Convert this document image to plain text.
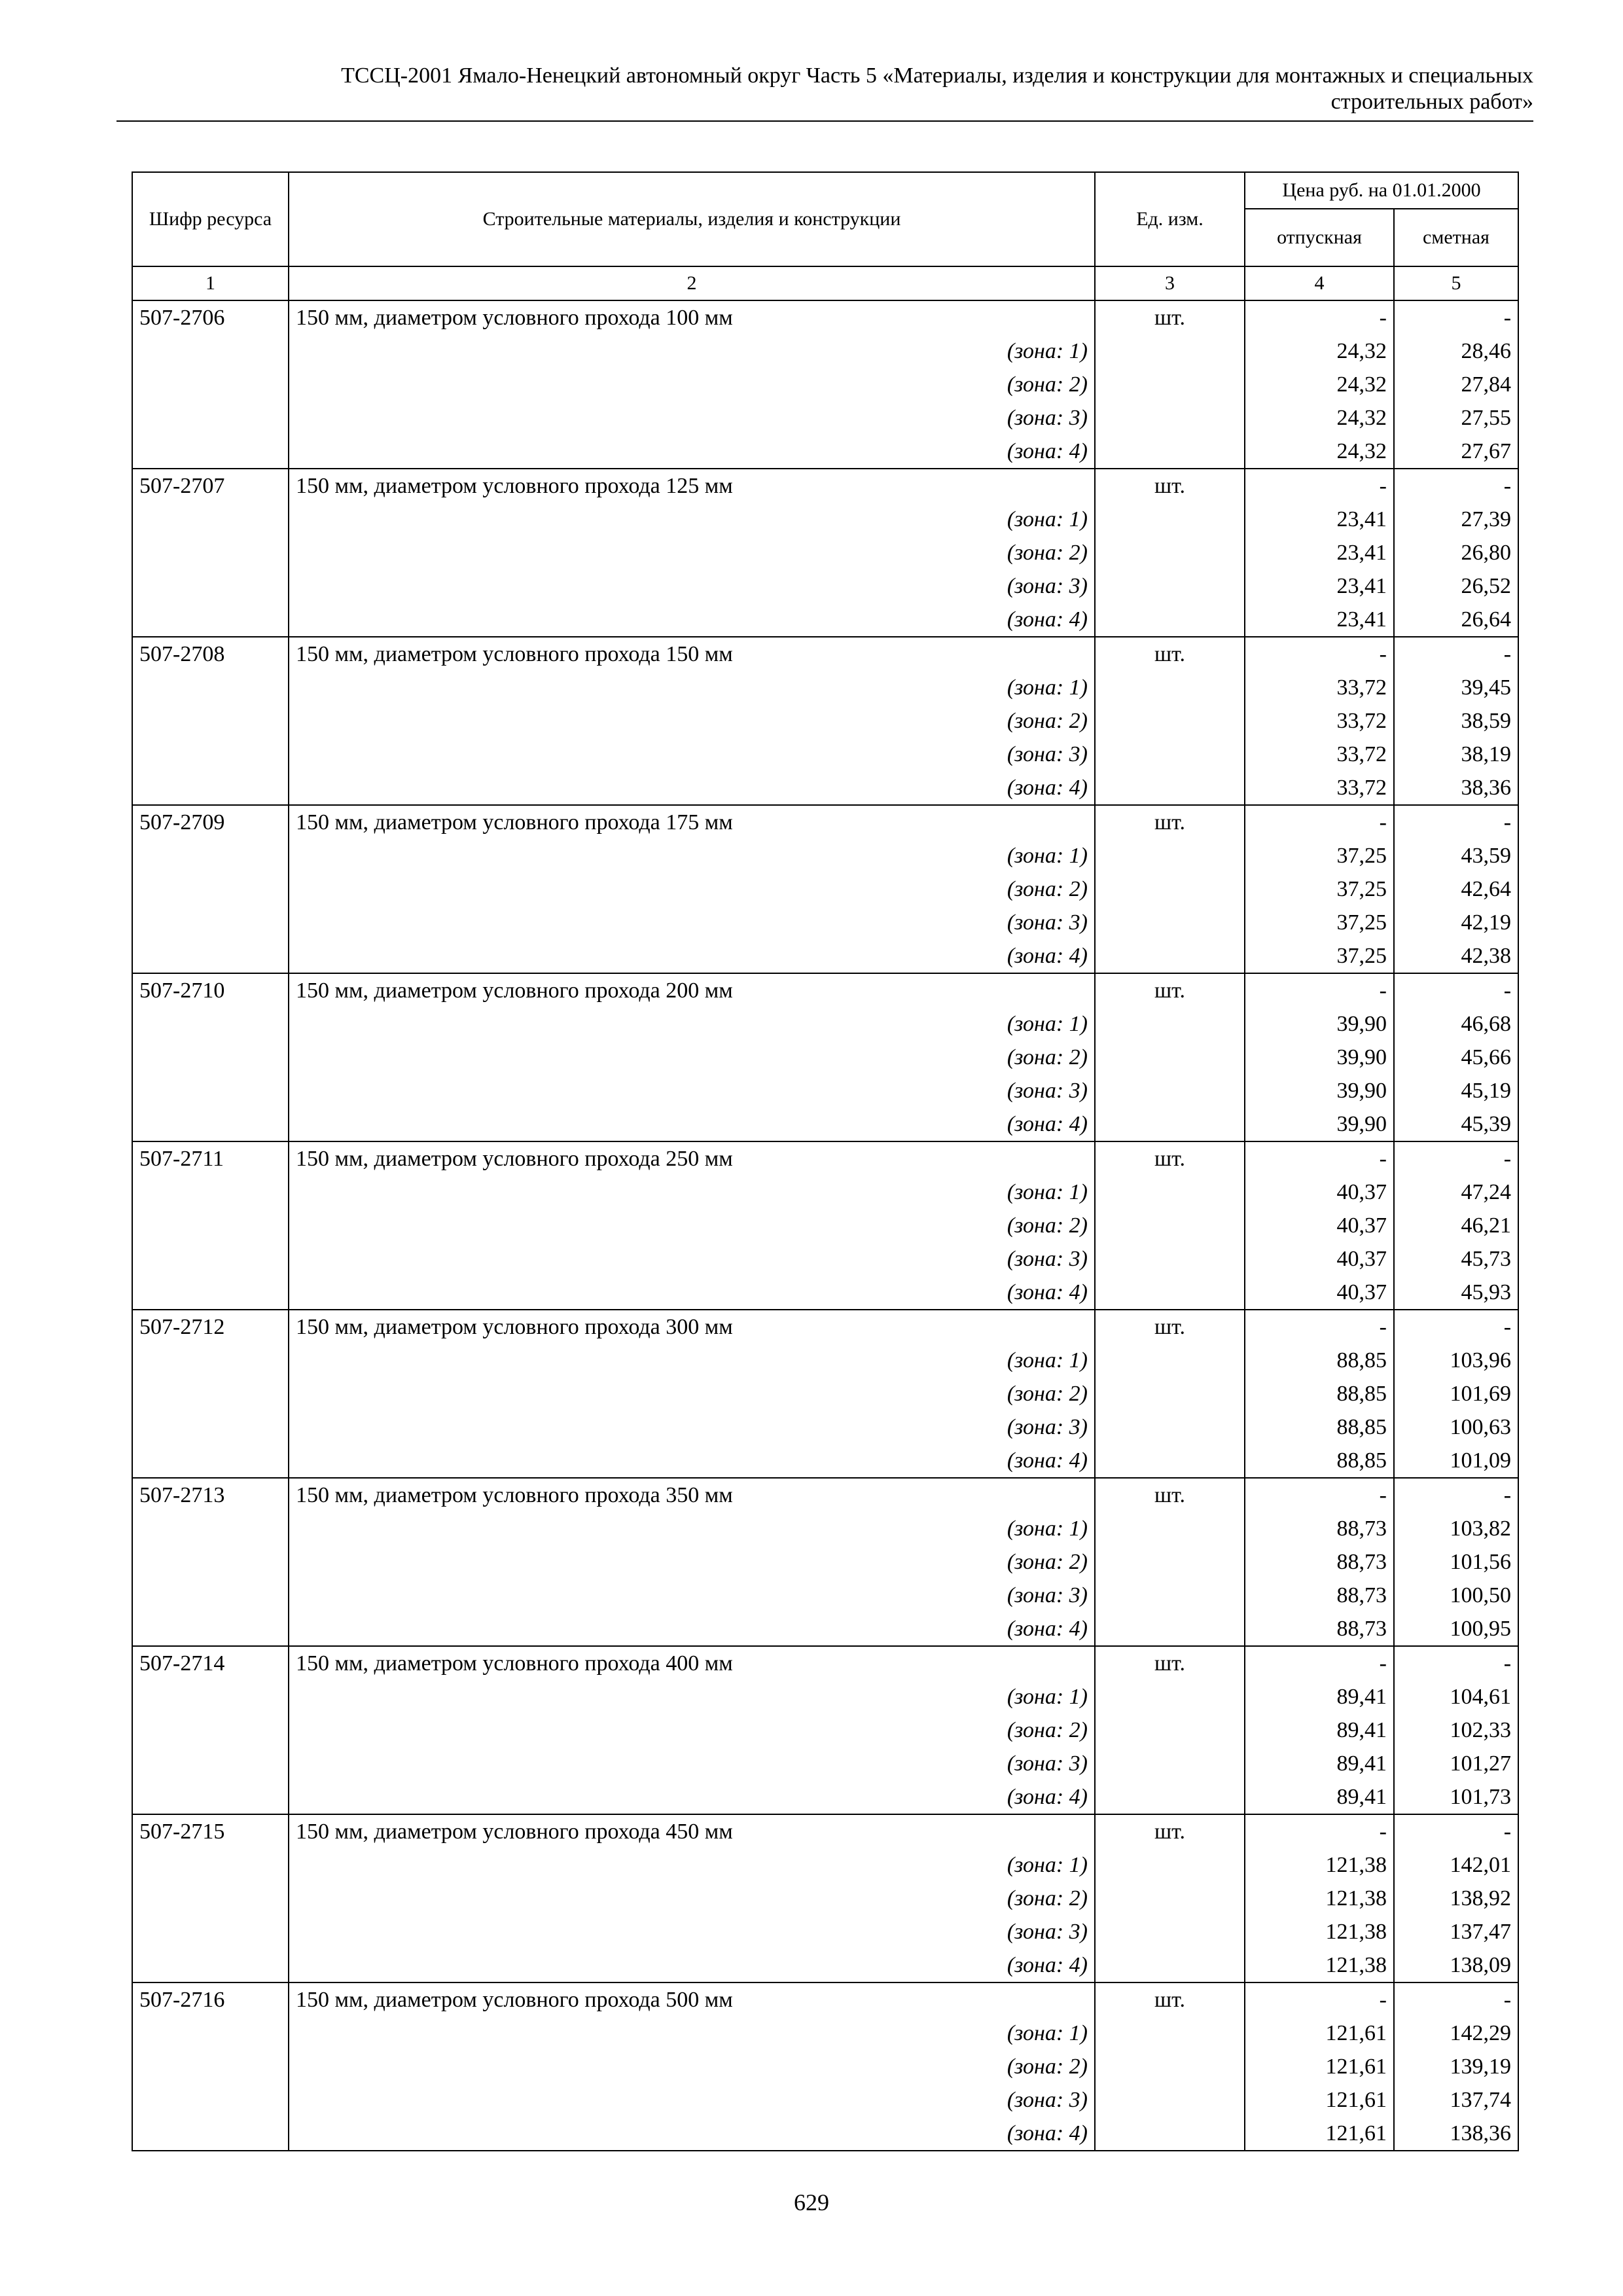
ТССЦ-2001 Ямало-Ненецкий автономный округ Часть 5 «Материалы, изделия и конструкции для монтажных и специальных
строительных работ»
Шифр ресурса	Строительные материалы, изделия и конструкции	Ед. изм.	Цена руб. на 01.01.2000	
			отпускная	сметная
1	2	3	4	5
507-2706	150 мм, диаметром условного прохода 100 мм	шт.	-	-
	(зона: 1)		24,32	28,46
	(зона: 2)		24,32	27,84
	(зона: 3)		24,32	27,55
	(зона: 4)		24,32	27,67
507-2707	150 мм, диаметром условного прохода 125 мм	шт.	-	-
	(зона: 1)		23,41	27,39
	(зона: 2)		23,41	26,80
	(зона: 3)		23,41	26,52
	(зона: 4)		23,41	26,64
507-2708	150 мм, диаметром условного прохода 150 мм	шт.	-	-
	(зона: 1)		33,72	39,45
	(зона: 2)		33,72	38,59
	(зона: 3)		33,72	38,19
	(зона: 4)		33,72	38,36
507-2709	150 мм, диаметром условного прохода 175 мм	шт.	-	-
	(зона: 1)		37,25	43,59
	(зона: 2)		37,25	42,64
	(зона: 3)		37,25	42,19
	(зона: 4)		37,25	42,38
507-2710	150 мм, диаметром условного прохода 200 мм	шт.	-	-
	(зона: 1)		39,90	46,68
	(зона: 2)		39,90	45,66
	(зона: 3)		39,90	45,19
	(зона: 4)		39,90	45,39
507-2711	150 мм, диаметром условного прохода 250 мм	шт.	-	-
	(зона: 1)		40,37	47,24
	(зона: 2)		40,37	46,21
	(зона: 3)		40,37	45,73
	(зона: 4)		40,37	45,93
507-2712	150 мм, диаметром условного прохода 300 мм	шт.	-	-
	(зона: 1)		88,85	103,96
	(зона: 2)		88,85	101,69
	(зона: 3)		88,85	100,63
	(зона: 4)		88,85	101,09
507-2713	150 мм, диаметром условного прохода 350 мм	шт.	-	-
	(зона: 1)		88,73	103,82
	(зона: 2)		88,73	101,56
	(зона: 3)		88,73	100,50
	(зона: 4)		88,73	100,95
507-2714	150 мм, диаметром условного прохода 400 мм	шт.	-	-
	(зона: 1)		89,41	104,61
	(зона: 2)		89,41	102,33
	(зона: 3)		89,41	101,27
	(зона: 4)		89,41	101,73
507-2715	150 мм, диаметром условного прохода 450 мм	шт.	-	-
	(зона: 1)		121,38	142,01
	(зона: 2)		121,38	138,92
	(зона: 3)		121,38	137,47
	(зона: 4)		121,38	138,09
507-2716	150 мм, диаметром условного прохода 500 мм	шт.	-	-
	(зона: 1)		121,61	142,29
	(зона: 2)		121,61	139,19
	(зона: 3)		121,61	137,74
	(зона: 4)		121,61	138,36
629
